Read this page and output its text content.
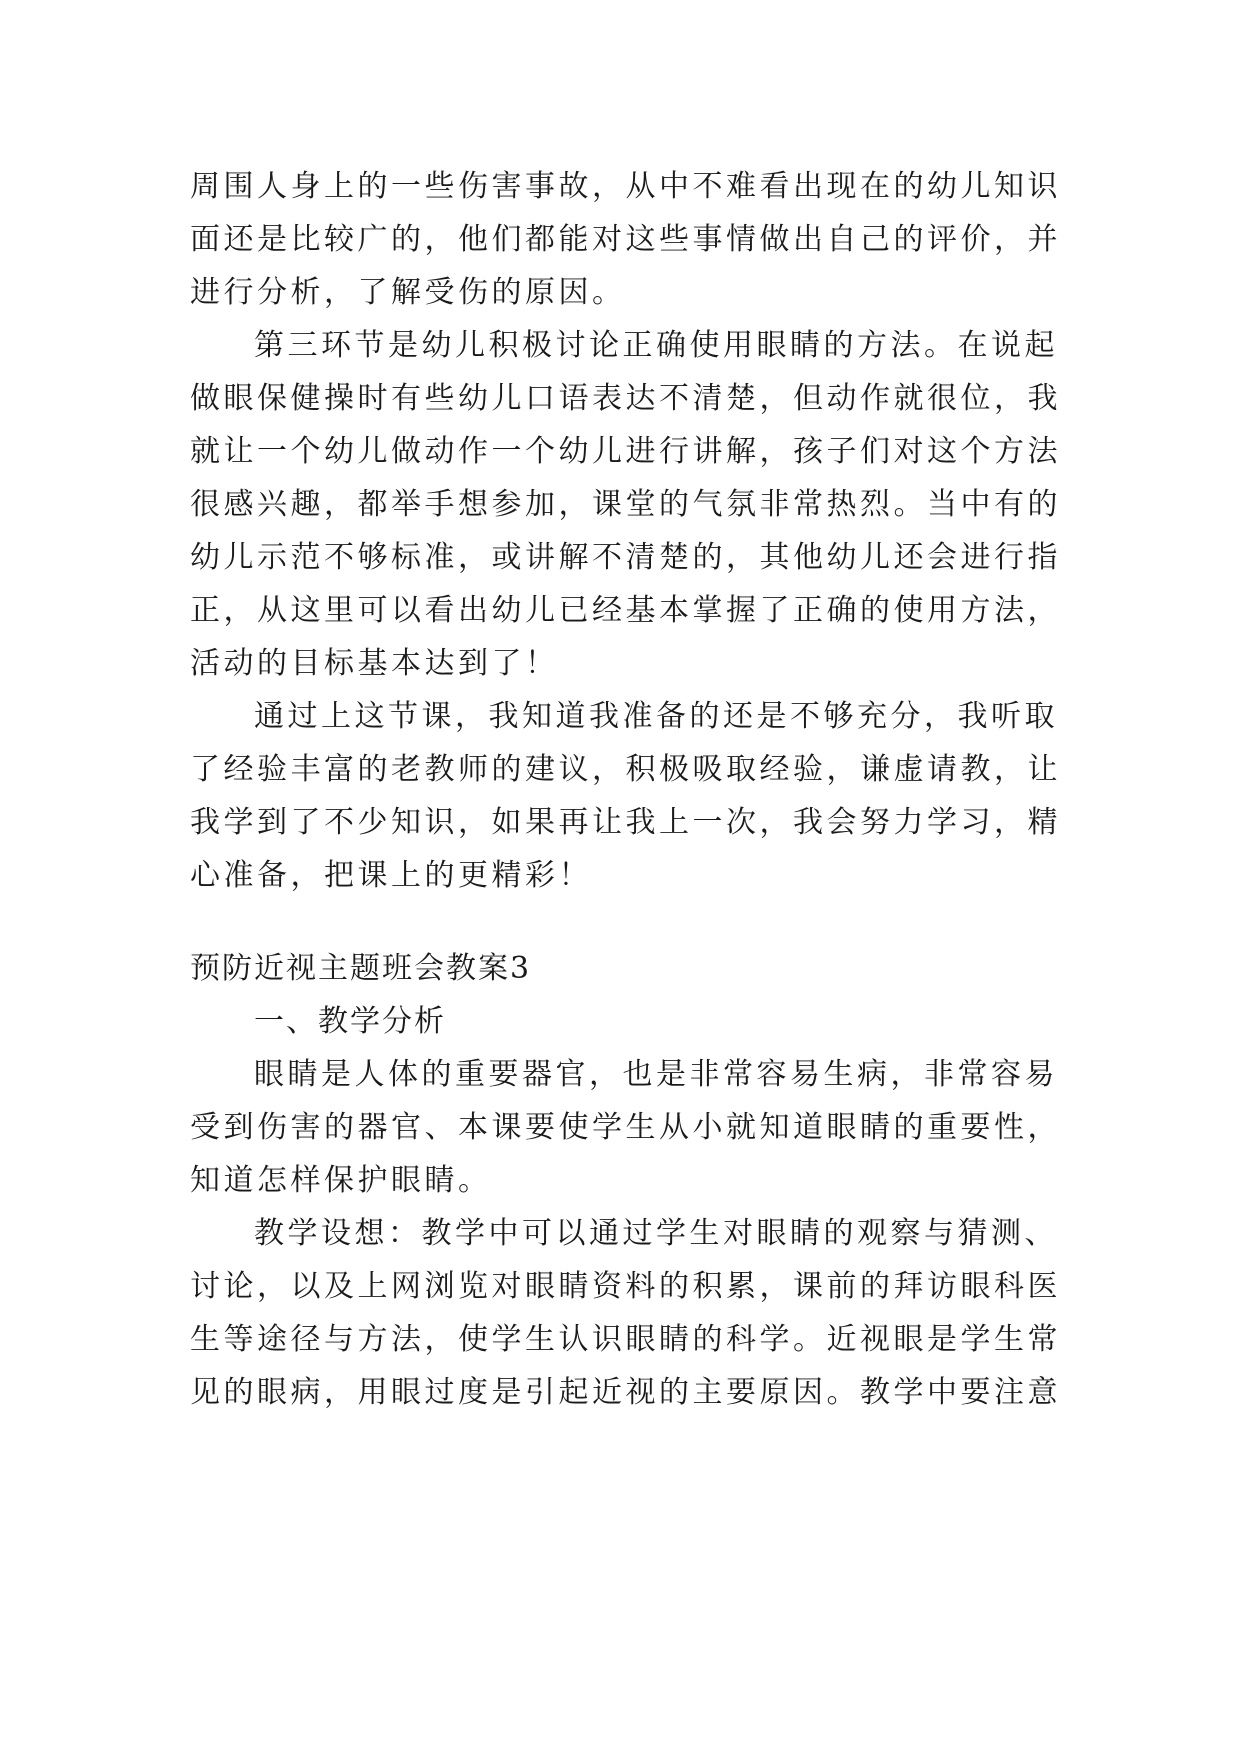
周围人身上的一些伤害事故，从中不难看出现在的幼儿知识
面还是比较广的，他们都能对这些事情做出自己的评价，并
进行分析，了解受伤的原因。
第三环节是幼儿积极讨论正确使用眼睛的方法。在说起
做眼保健操时有些幼儿口语表达不清楚，但动作就很位，我
就让一个幼儿做动作一个幼儿进行讲解，孩子们对这个方法
很感兴趣，都举手想参加，课堂的气氛非常热烈。当中有的
幼儿示范不够标准，或讲解不清楚的，其他幼儿还会进行指
正，从这里可以看出幼儿已经基本掌握了正确的使用方法，
活动的目标基本达到了！
通过上这节课，我知道我准备的还是不够充分，我听取
了经验丰富的老教师的建议，积极吸取经验，谦虚请教，让
我学到了不少知识，如果再让我上一次，我会努力学习，精
心准备，把课上的更精彩！
预防近视主题班会教案3
一、教学分析
眼睛是人体的重要器官，也是非常容易生病，非常容易
受到伤害的器官、本课要使学生从小就知道眼睛的重要性，
知道怎样保护眼睛。
教学设想：教学中可以通过学生对眼睛的观察与猜测、
讨论，以及上网浏览对眼睛资料的积累，课前的拜访眼科医
生等途径与方法，使学生认识眼睛的科学。近视眼是学生常
见的眼病，用眼过度是引起近视的主要原因。教学中要注意
